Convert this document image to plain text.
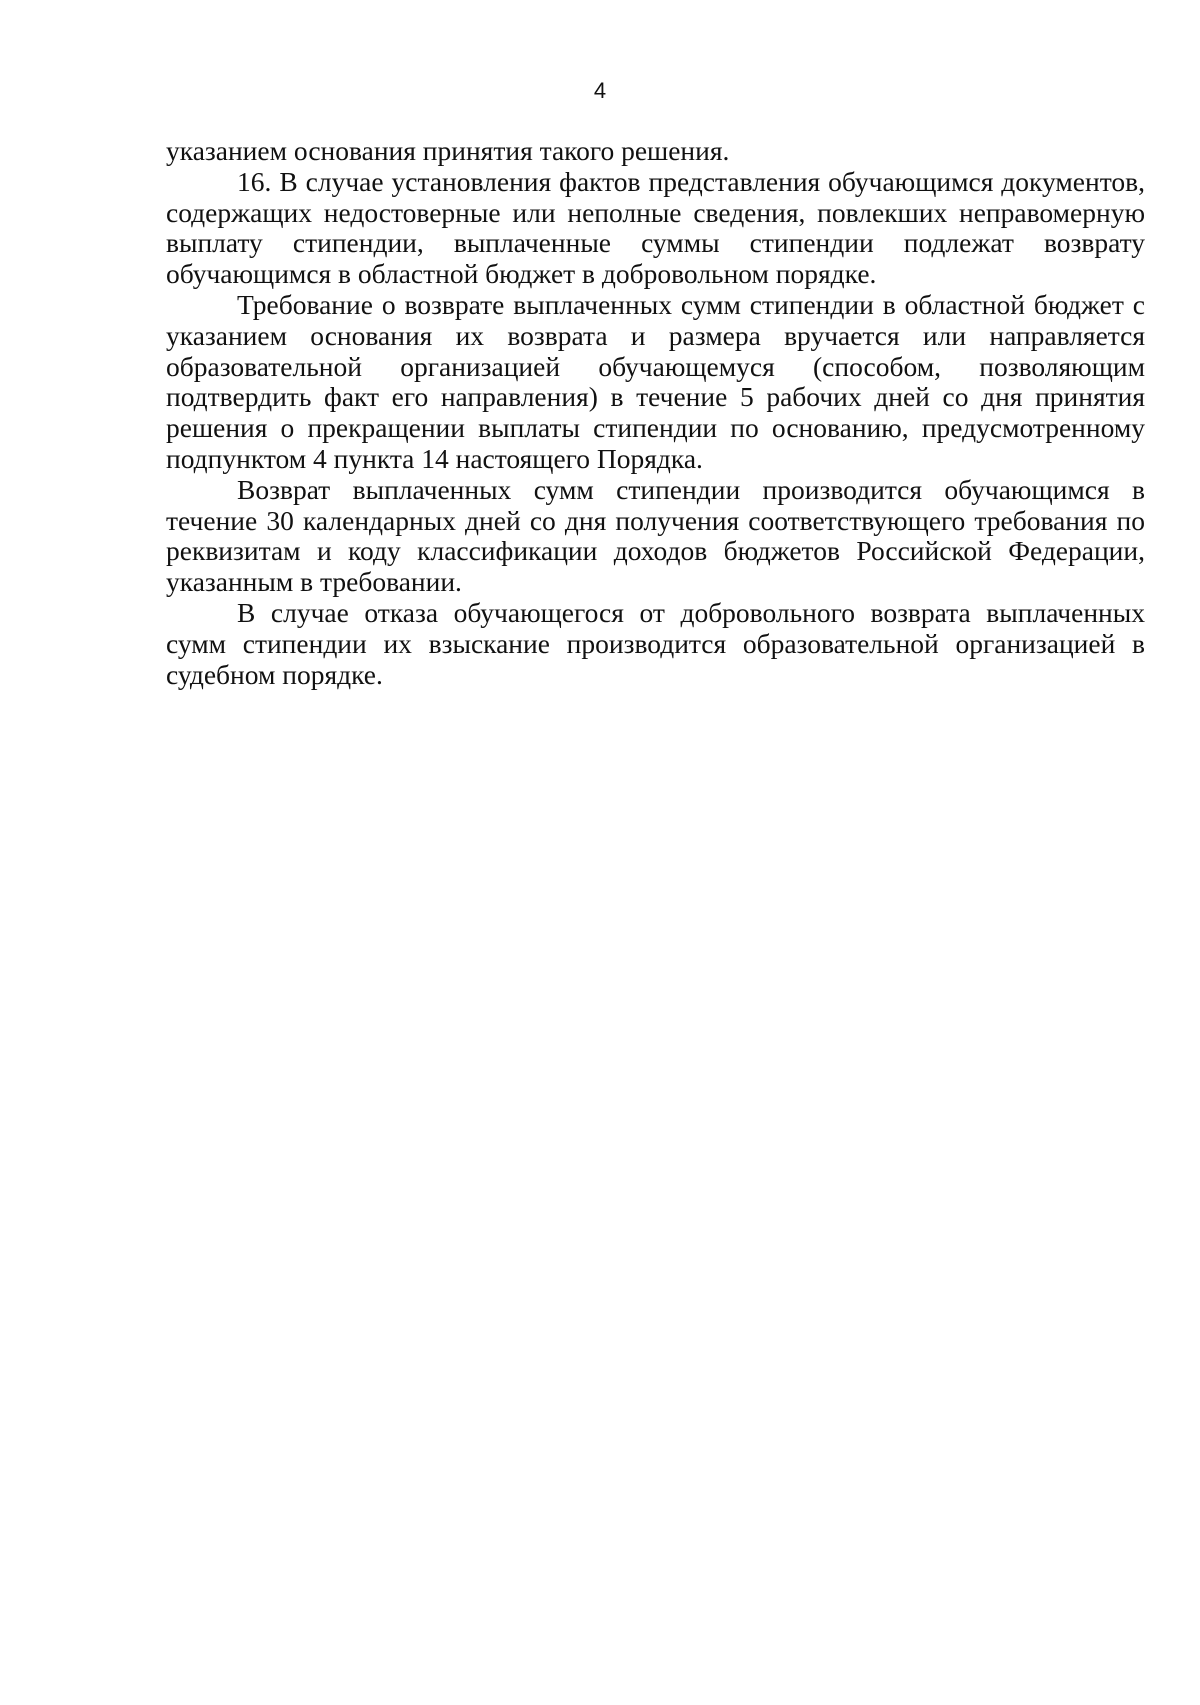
4

указанием основания принятия такого решения.

16. В случае установления фактов представления обучающимся документов, содержащих недостоверные или неполные сведения, повлекших неправомерную выплату стипендии, выплаченные суммы стипендии подлежат возврату обучающимся в областной бюджет в добровольном порядке.

Требование о возврате выплаченных сумм стипендии в областной бюджет с указанием основания их возврата и размера вручается или направляется образовательной организацией обучающемуся (способом, позволяющим подтвердить факт его направления) в течение 5 рабочих дней со дня принятия решения о прекращении выплаты стипендии по основанию, предусмотренному подпунктом 4 пункта 14 настоящего Порядка.

Возврат выплаченных сумм стипендии производится обучающимся в течение 30 календарных дней со дня получения соответствующего требования по реквизитам и коду классификации доходов бюджетов Российской Федерации, указанным в требовании.

В случае отказа обучающегося от добровольного возврата выплаченных сумм стипендии их взыскание производится образовательной организацией в судебном порядке.
